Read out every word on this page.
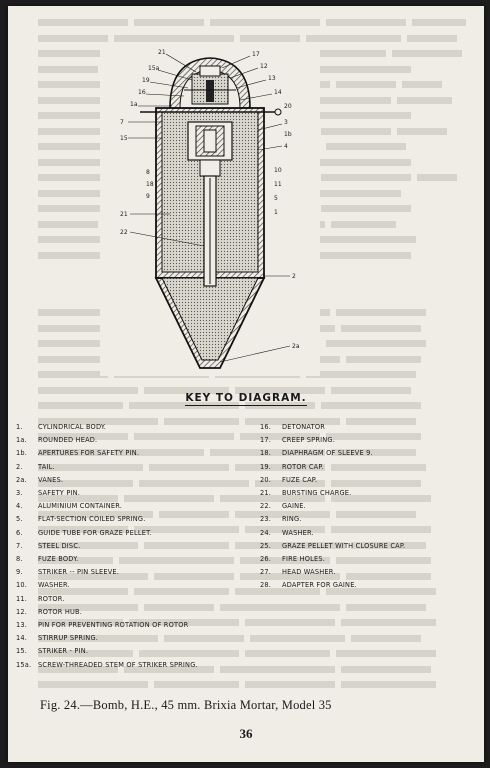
21
15a
19
16
1a
7
15
17
12
13
14
20
3
1b
4
8
18
9
10
11
5
1
21
22
2
2a
KEY TO DIAGRAM.
1.	CYLINDRICAL BODY.
1a.	ROUNDED HEAD.
1b.	APERTURES FOR SAFETY PIN.
2.	TAIL.
2a.	VANES.
3.	SAFETY PIN.
4.	ALUMINIUM CONTAINER.
5.	FLAT-SECTION COILED SPRING.
6.	GUIDE TUBE FOR GRAZE PELLET.
7.	STEEL DISC.
8.	FUZE BODY.
9.	STRIKER -- PIN SLEEVE.
10.	WASHER.
11.	ROTOR.
12.	ROTOR HUB.
13.	PIN FOR PREVENTING ROTATION OF ROTOR
14.	STIRRUP SPRING.
15.	STRIKER - PIN.
15a.	SCREW-THREADED STEM OF STRIKER SPRING.
16.	DETONATOR
17.	CREEP SPRING.
18.	DIAPHRAGM OF SLEEVE 9.
19.	ROTOR CAP.
20.	FUZE CAP.
21.	BURSTING CHARGE.
22.	GAINE.
23.	RING.
24.	WASHER.
25.	GRAZE PELLET WITH CLOSURE CAP.
26.	FIRE HOLES.
27.	HEAD WASHER.
28.	ADAPTER FOR GAINE.
Fig. 24.—Bomb, H.E., 45 mm. Brixia Mortar, Model 35
36
